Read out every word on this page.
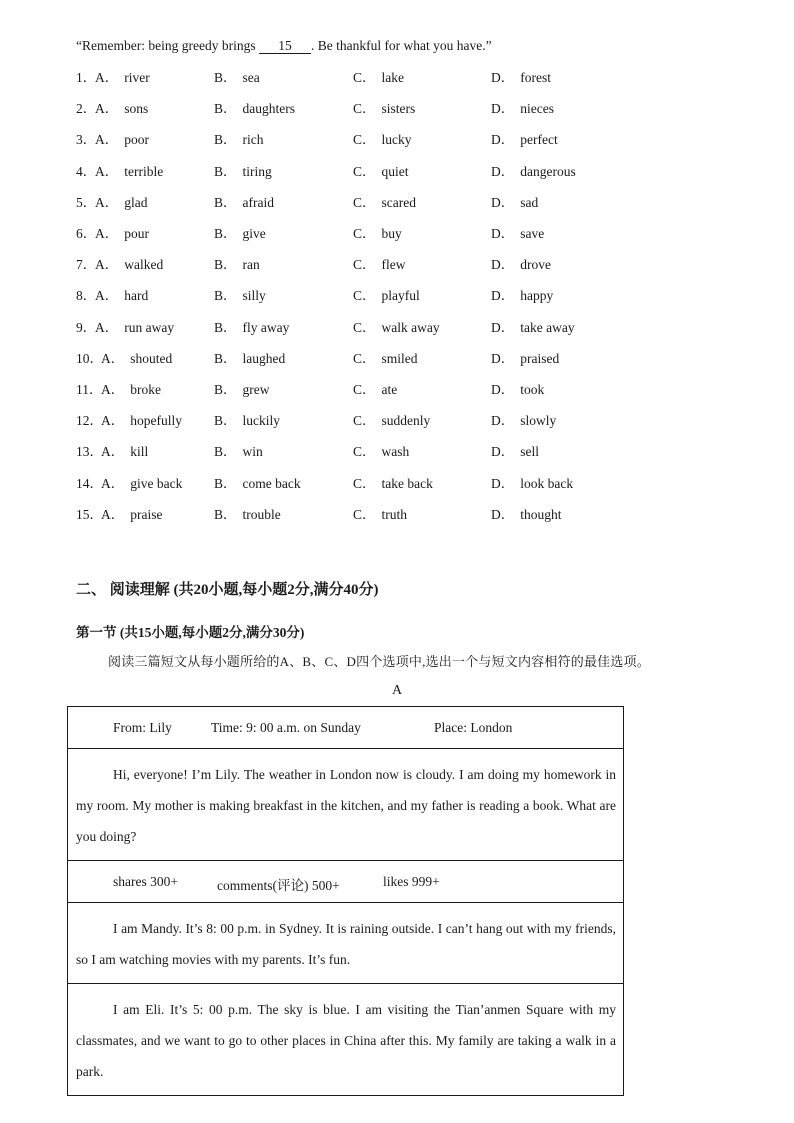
“Remember: being greedy brings 15 . Be thankful for what you have.”
1．
A． river	B． sea	C． lake	D． forest
2．
A． sons	B． daughters	C． sisters	D． nieces
3．
A． poor	B． rich	C． lucky	D． perfect
4．
A． terrible	B． tiring	C． quiet	D． dangerous
5．
A． glad	B． afraid	C． scared	D． sad
6．
A． pour	B． give	C． buy	D． save
7．
A． walked	B． ran	C． flew	D． drove
8．
A． hard	B． silly	C． playful	D． happy
9．
A． run away	B． fly away	C． walk away	D． take away
10．
A． shouted	B． laughed	C． smiled	D． praised
11．
A． broke	B． grew	C． ate	D． took
12．
A． hopefully B． luckily	C． suddenly	D． slowly
13．
A． kill	B． win	C． wash	D． sell
14．
A． give back B． come back	C． take back	D． look back
15．
A． praise	B． trouble	C． truth	D． thought
二、 阅读理解 (共20小题,每小题2分,满分40分)
第一节 (共15小题,每小题2分,满分30分)
阅读三篇短文从每小题所给的A、B、C、D四个选项中,选出一个与短文内容相符的最佳选项。
A
From: Lily	Time: 9: 00 a.m. on Sunday	Place: London
Hi, everyone! I’m Lily. The weather in London now is cloudy. I am doing my homework in my room. My mother is making breakfast in the kitchen, and my father is reading a book. What are you doing?
shares 300+	comments(评论) 500+	likes 999+
I am Mandy. It’s 8: 00 p.m. in Sydney. It is raining outside. I can’t hang out with my friends, so I am watching movies with my parents. It’s fun.
I am Eli. It’s 5: 00 p.m. The sky is blue. I am visiting the Tian’anmen Square with my classmates, and we want to go to other places in China after this. My family are taking a walk in a park.
